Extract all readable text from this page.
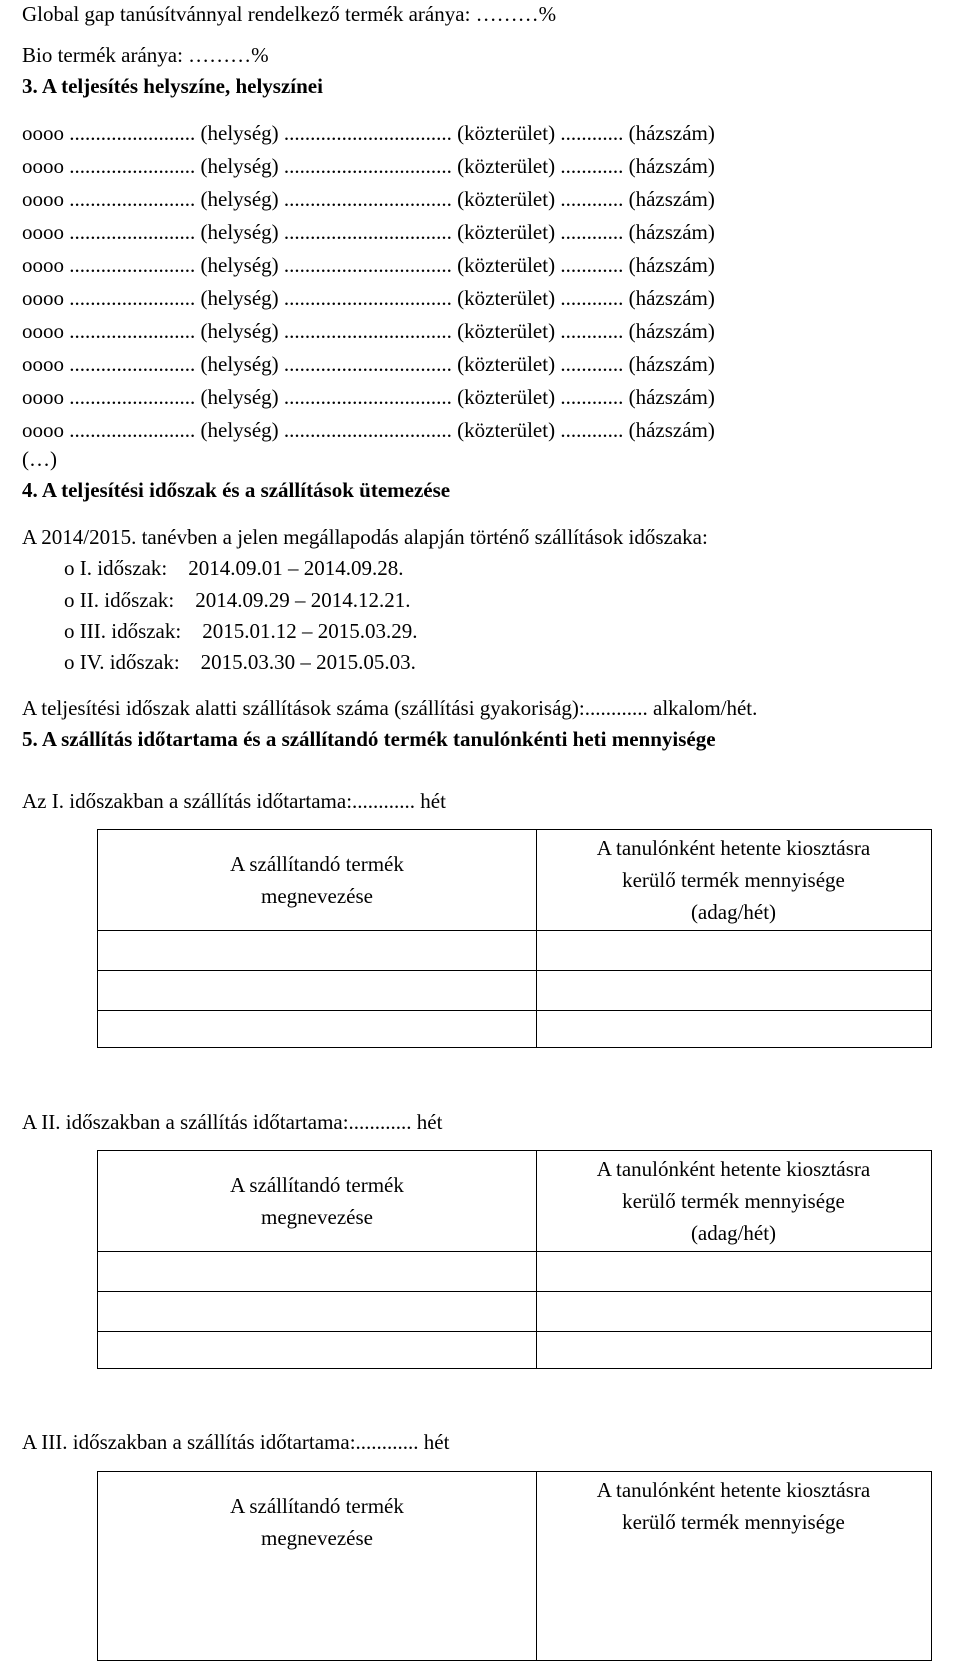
Global gap tanúsítvánnyal rendelkező termék aránya: ………%
Bio termék aránya: ………%
3. A teljesítés helyszíne, helyszínei
oooo ........................ (helység) ................................ (közterület) ............ (házszám)
oooo ........................ (helység) ................................ (közterület) ............ (házszám)
oooo ........................ (helység) ................................ (közterület) ............ (házszám)
oooo ........................ (helység) ................................ (közterület) ............ (házszám)
oooo ........................ (helység) ................................ (közterület) ............ (házszám)
oooo ........................ (helység) ................................ (közterület) ............ (házszám)
oooo ........................ (helység) ................................ (közterület) ............ (házszám)
oooo ........................ (helység) ................................ (közterület) ............ (házszám)
oooo ........................ (helység) ................................ (közterület) ............ (házszám)
oooo ........................ (helység) ................................ (közterület) ............ (házszám)
(…)
4. A teljesítési időszak és a szállítások ütemezése
A 2014/2015. tanévben a jelen megállapodás alapján történő szállítások időszaka:
o I. időszak:    2014.09.01 – 2014.09.28.
o II. időszak:    2014.09.29 – 2014.12.21.
o III. időszak:    2015.01.12 – 2015.03.29.
o IV. időszak:    2015.03.30 – 2015.05.03.
A teljesítési időszak alatti szállítások száma (szállítási gyakoriság):............ alkalom/hét.
5. A szállítás időtartama és a szállítandó termék tanulónkénti heti mennyisége
Az I. időszakban a szállítás időtartama:............ hét
A szállítandó termék
megnevezése
A tanulónként hetente kiosztásra
kerülő termék mennyisége
(adag/hét)
A II. időszakban a szállítás időtartama:............ hét
A szállítandó termék
megnevezése
A tanulónként hetente kiosztásra
kerülő termék mennyisége
(adag/hét)
A III. időszakban a szállítás időtartama:............ hét
A szállítandó termék
megnevezése
A tanulónként hetente kiosztásra
kerülő termék mennyisége
